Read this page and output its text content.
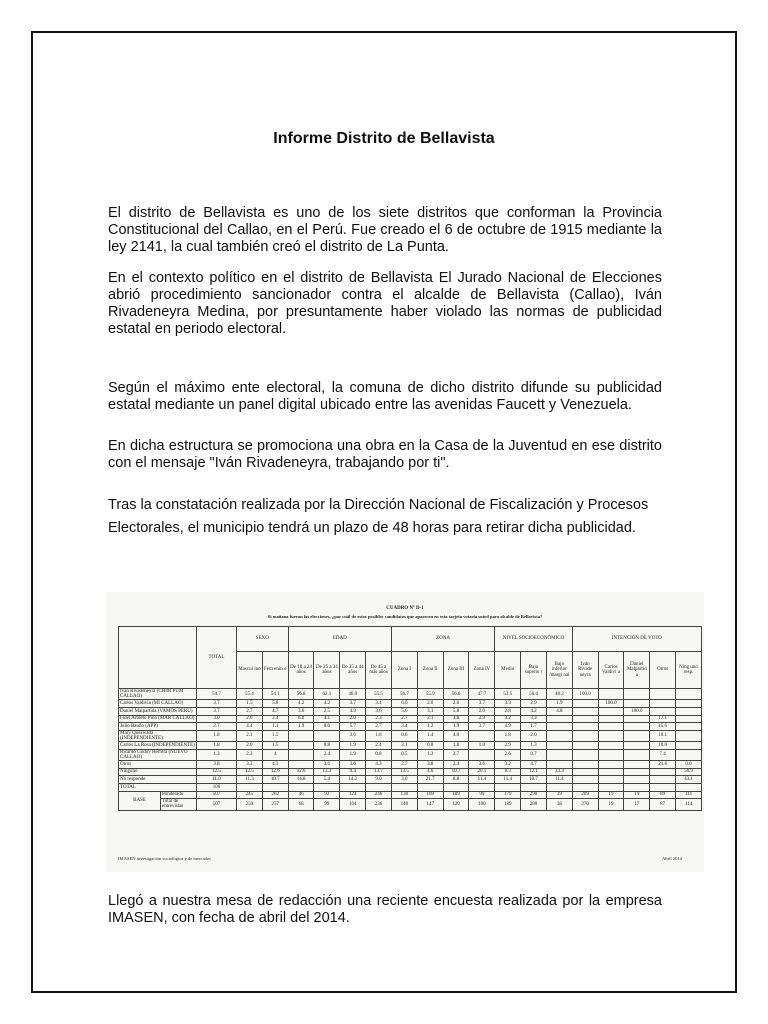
Informe Distrito de Bellavista
El distrito de Bellavista es uno de los siete distritos que conforman la Provincia Constitucional del Callao, en el Perú. Fue creado el 6 de octubre de 1915 mediante la ley 2141, la cual también creó el distrito de La Punta.
En el contexto político en el distrito de Bellavista El Jurado Nacional de Elecciones abrió procedimiento sancionador contra el alcalde de Bellavista (Callao), Iván Rivadeneyra Medina, por presuntamente haber violado las normas de publicidad estatal en periodo electoral.
Según el máximo ente electoral, la comuna de dicho distrito difunde su publicidad estatal mediante un panel digital ubicado entre las avenidas Faucett y Venezuela.
En dicha estructura se promociona una obra en la Casa de la Juventud en ese distrito con el mensaje "Iván Rivadeneyra, trabajando por ti".
Tras la constatación realizada por la Dirección Nacional de Fiscalización y Procesos Electorales, el municipio tendrá un plazo de 48 horas para retirar dicha publicidad.
CUADRO Nº D-1
Si mañana fueran las elecciones, ¿por cuál de estos posibles candidatos que aparecen en esta tarjeta votaría usted para alcalde de Bellavista?
		TOTAL	SEXO		EDAD				ZONA				NIVEL SOCIOECONÓMICO			INTENCIÓN DE VOTO				
			Mascul ino	Fem enin o	De 18 a 24 años	De 25 a 34 años	De 35 a 44 años	De 45 a más años	Zona I	Zona II	Zona III	Zona IV	Medio	Bajo superio r	Bajo inferior /margi nal	Iván Rivade neyra	Carlos Valdivi a	Daniel Malpartid a	Otros	Ning uno resp.
Ivan Rivadeneyra (CHIM PUM CALLAO)		54.7	55.4	54.1	56.8	62.1	46.9	55.5	56.7	55.9	56.6	47.7	53.5	56.4	48.2	100.0				
Carlos Valdivia (MI CALLAO)		3.7	1.5	5.8	4.2	4.2	3.7	3.4	6.6	2.0	2.6	3.7	3.3	2.9	1.9		100.0			
Daniel Malpartida (VAMOS PERÚ)		3.7	2.7	4.7	3.6	2.5	4.9	3.6	5.0	3.1	5.8	2.0	2.8	4.2	4.8			100.0		
Fidel Arbieto Pino (MAR CALLAO)		3.0	2.6	3.4	6.0	4.1	2.0	2.3	2.7	2.1	3.8	2.9	3.2	3.3					17.1	
Julio Bauño (APP)		2.7	4.4	1.1	1.9	0.6	5.7	2.7	3.4	1.2	1.9	3.7	4.9	1.7					15.6	
Mary Quezwada (INDEPENDIENTE)		1.8	2.1	1.5			3.6	1.8	0.6	1.4	4.0		1.8	2.0					10.1	
Carlos La Rosa (INDEPENDIENTE)		1.8	2.0	1.5		0.8	1.9	2.4	3.1	0.8	1.8	1.0	2.9	1.3					10.0	
Ricardo Godoy Herrera (NUEVO CALLAO)		1.3	2.3	4		2.4	1.9	0.8	0.5	1.2	2.7		2.6	0.7					7.4	
Otros		3.8	3.3	4.3		3.6	3.6	4.3	2.7	3.8	2.4	3.6	3.2	4.7					21.6	0.0
Ninguno		12.5	12.5	12.6	12.6	13.3	9.4	13.7	13.5	4.6	10.7	20.1	8.3	12.1	33.3					56.9
No responde		11.0	11.3	10.7	14.8	5.4	14.2	9.0	3.0	21.7	8.8	11.4	11.4	10.7	11.4					43.1
TOTAL		100																		
BASE	Ponderado	507	245	262	46	92	124	246	130	109	109	99	179	290	39	209	19	19	89	111
	Total de entrevistas	507	250	257	68	99	104	236	140	147	120	100	189	280	38	270	19	17	87	114
IMASEN investigación sociológica y de mercados	Abril 2014
Llegó a nuestra mesa de redacción una reciente encuesta realizada por la empresa IMASEN, con fecha de abril del 2014.
